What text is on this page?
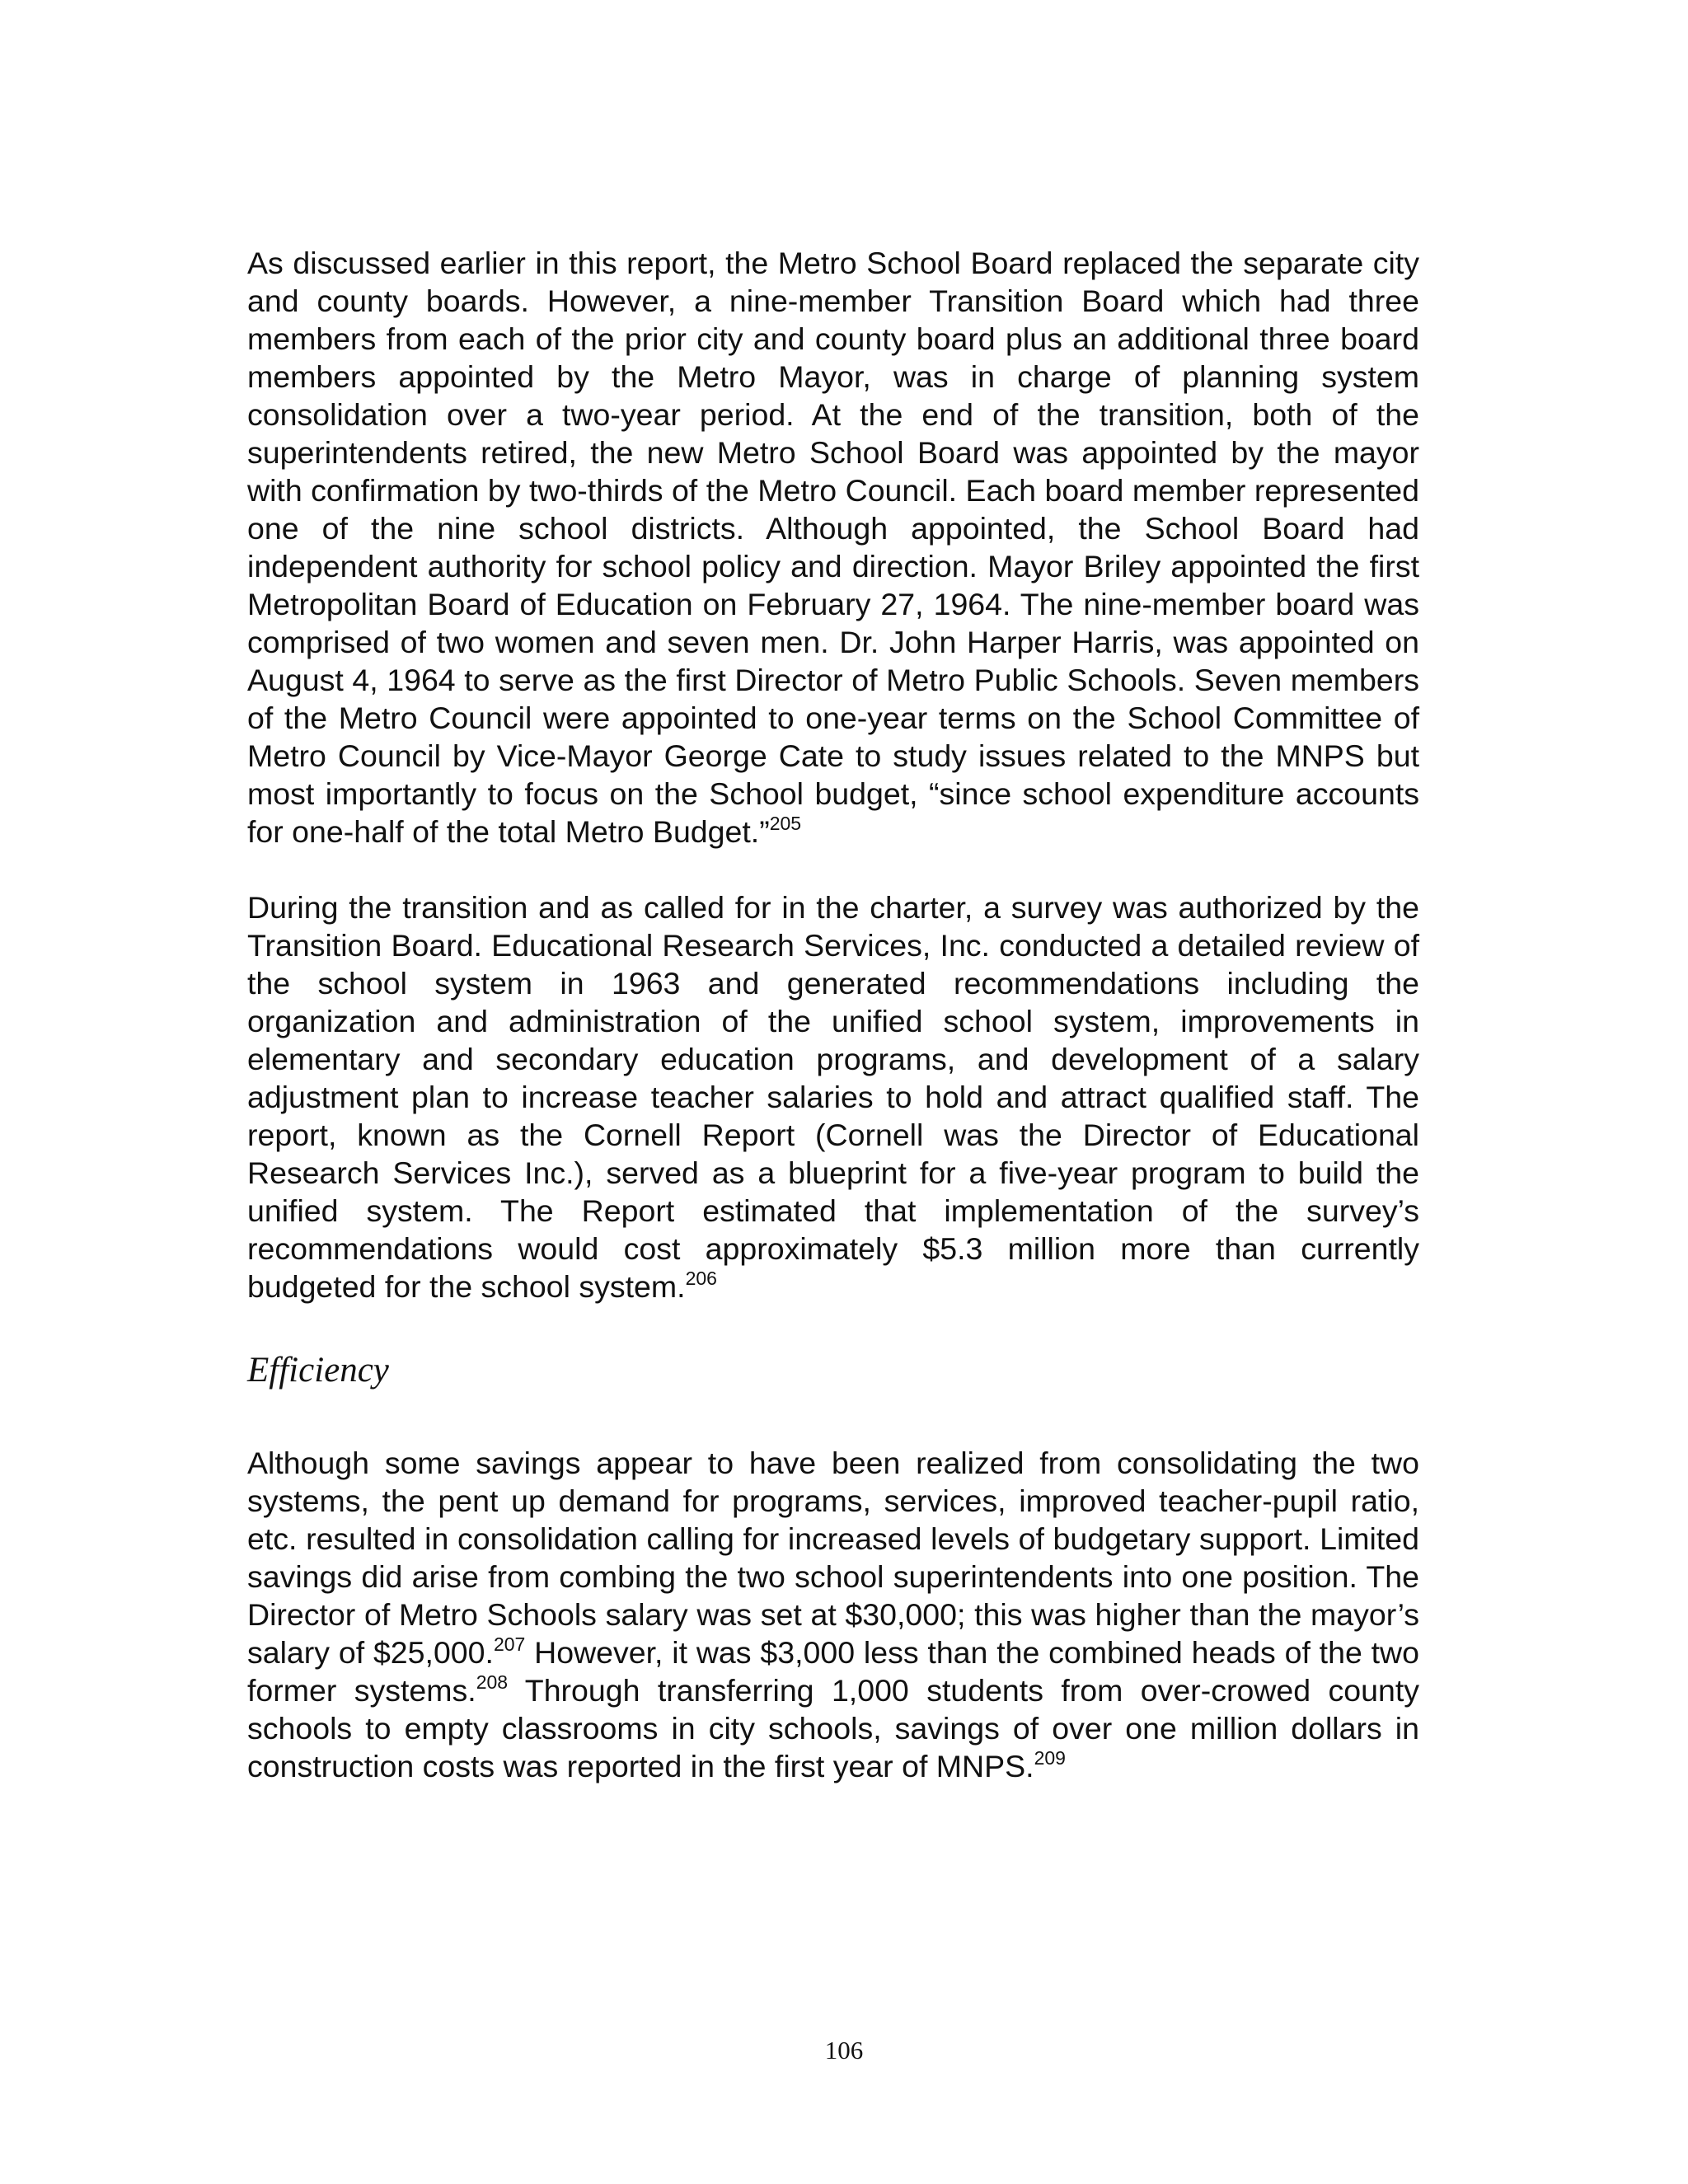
As discussed earlier in this report, the Metro School Board replaced the separate city and county boards. However, a nine-member Transition Board which had three members from each of the prior city and county board plus an additional three board members appointed by the Metro Mayor, was in charge of planning system consolidation over a two-year period. At the end of the transition, both of the superintendents retired, the new Metro School Board was appointed by the mayor with confirmation by two-thirds of the Metro Council. Each board member represented one of the nine school districts. Although appointed, the School Board had independent authority for school policy and direction. Mayor Briley appointed the first Metropolitan Board of Education on February 27, 1964. The nine-member board was comprised of two women and seven men. Dr. John Harper Harris, was appointed on August 4, 1964 to serve as the first Director of Metro Public Schools. Seven members of the Metro Council were appointed to one-year terms on the School Committee of Metro Council by Vice-Mayor George Cate to study issues related to the MNPS but most importantly to focus on the School budget, “since school expenditure accounts for one-half of the total Metro Budget.”$^{205}$

During the transition and as called for in the charter, a survey was authorized by the Transition Board. Educational Research Services, Inc. conducted a detailed review of the school system in 1963 and generated recommendations including the organization and administration of the unified school system, improvements in elementary and secondary education programs, and development of a salary adjustment plan to increase teacher salaries to hold and attract qualified staff. The report, known as the Cornell Report (Cornell was the Director of Educational Research Services Inc.), served as a blueprint for a five-year program to build the unified system. The Report estimated that implementation of the survey’s recommendations would cost approximately $5.3 million more than currently budgeted for the school system.$^{206}$

Efficiency

Although some savings appear to have been realized from consolidating the two systems, the pent up demand for programs, services, improved teacher-pupil ratio, etc. resulted in consolidation calling for increased levels of budgetary support. Limited savings did arise from combing the two school superintendents into one position. The Director of Metro Schools salary was set at $30,000; this was higher than the mayor’s salary of $25,000.$^{207}$ However, it was $3,000 less than the combined heads of the two former systems.$^{208}$ Through transferring 1,000 students from over-crowed county schools to empty classrooms in city schools, savings of over one million dollars in construction costs was reported in the first year of MNPS.$^{209}$

106
